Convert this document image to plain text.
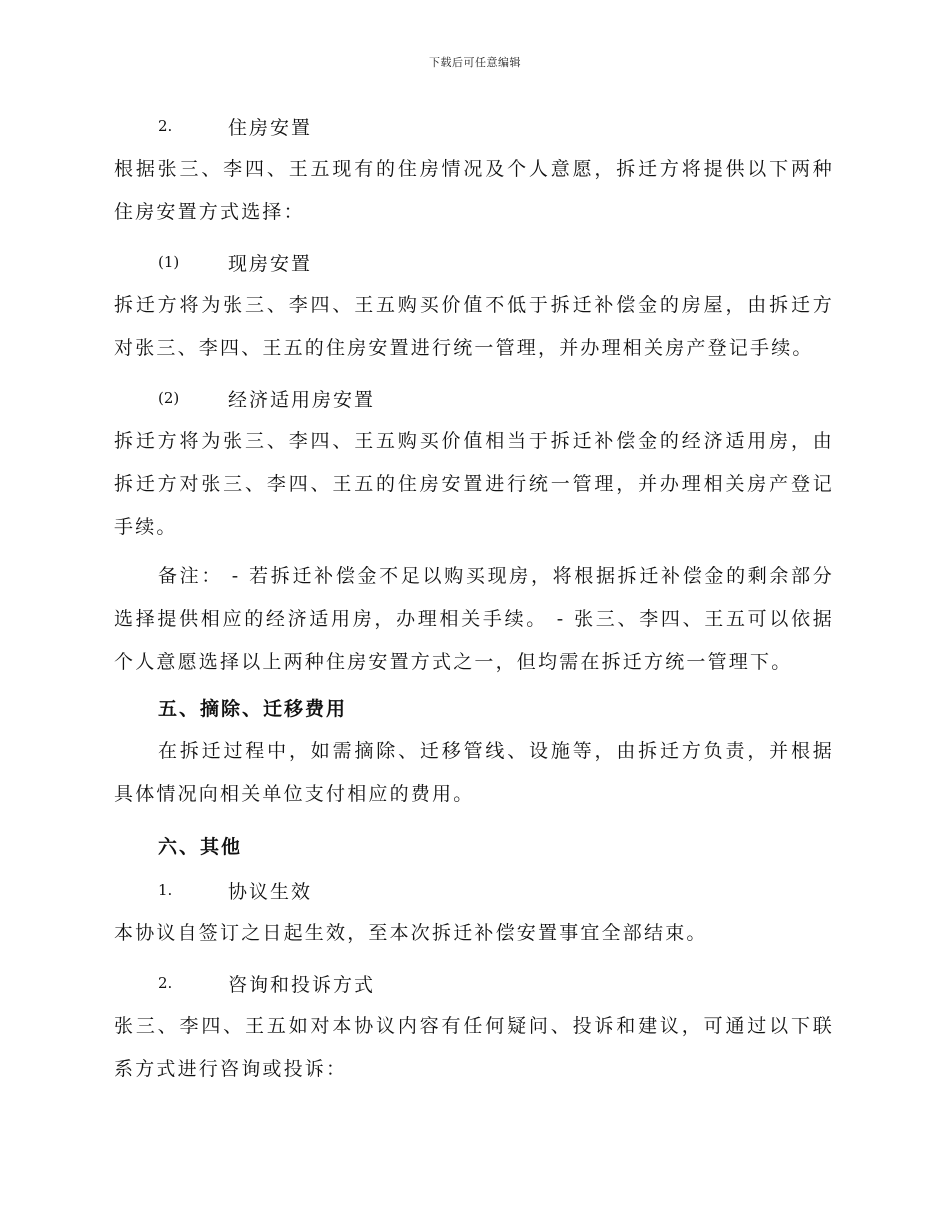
下载后可任意编辑
2.	住房安置

根据张三、李四、王五现有的住房情况及个人意愿，拆迁方将提供以下两种住房安置方式选择：

(1)	现房安置

拆迁方将为张三、李四、王五购买价值不低于拆迁补偿金的房屋，由拆迁方对张三、李四、王五的住房安置进行统一管理，并办理相关房产登记手续。

(2)	经济适用房安置

拆迁方将为张三、李四、王五购买价值相当于拆迁补偿金的经济适用房，由拆迁方对张三、李四、王五的住房安置进行统一管理，并办理相关房产登记手续。

备注： - 若拆迁补偿金不足以购买现房，将根据拆迁补偿金的剩余部分选择提供相应的经济适用房，办理相关手续。 - 张三、李四、王五可以依据个人意愿选择以上两种住房安置方式之一，但均需在拆迁方统一管理下。

五、摘除、迁移费用

在拆迁过程中，如需摘除、迁移管线、设施等，由拆迁方负责，并根据具体情况向相关单位支付相应的费用。

六、其他
1.	协议生效

本协议自签订之日起生效，至本次拆迁补偿安置事宜全部结束。

2.	咨询和投诉方式

张三、李四、王五如对本协议内容有任何疑问、投诉和建议，可通过以下联系方式进行咨询或投诉：
